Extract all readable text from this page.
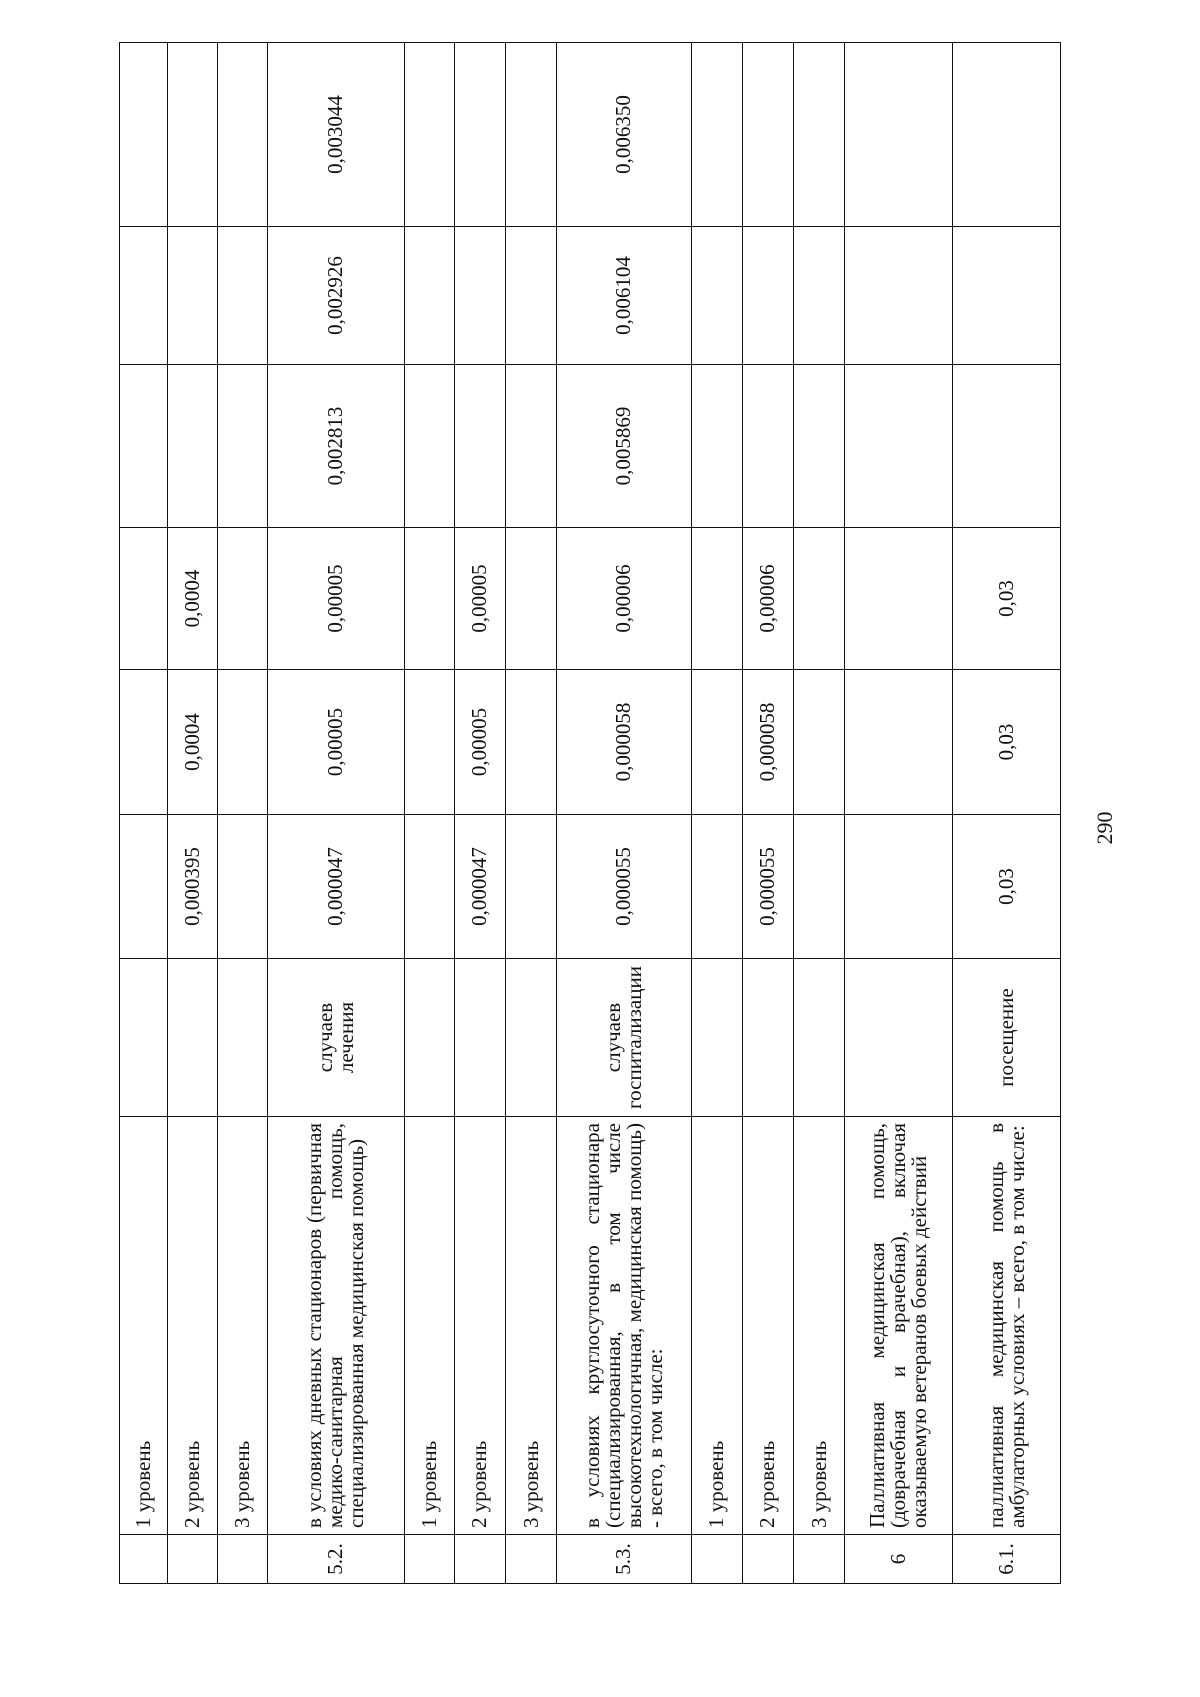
	1 уровень							
	2 уровень		0,000395	0,0004	0,0004			
	3 уровень							
5.2.	в условиях дневных стационаров (первичная медико-санитарная помощь, специализированная медицинская помощь)	случаев лечения	0,000047	0,00005	0,00005	0,002813	0,002926	0,003044
	1 уровень							
	2 уровень		0,000047	0,00005	0,00005			
	3 уровень							
5.3.	в условиях круглосуточного стационара (специализированная, в том числе высокотехнологичная, медицинская помощь) - всего, в том числе:	случаев госпитализации	0,000055	0,000058	0,00006	0,005869	0,006104	0,006350
	1 уровень							
	2 уровень		0,000055	0,000058	0,00006			
	3 уровень							
6	Паллиативная медицинская помощь, (доврачебная и врачебная), включая оказываемую ветеранов боевых действий							
6.1.	паллиативная медицинская помощь в амбулаторных условиях – всего, в том числе:	посещение	0,03	0,03	0,03			
290
